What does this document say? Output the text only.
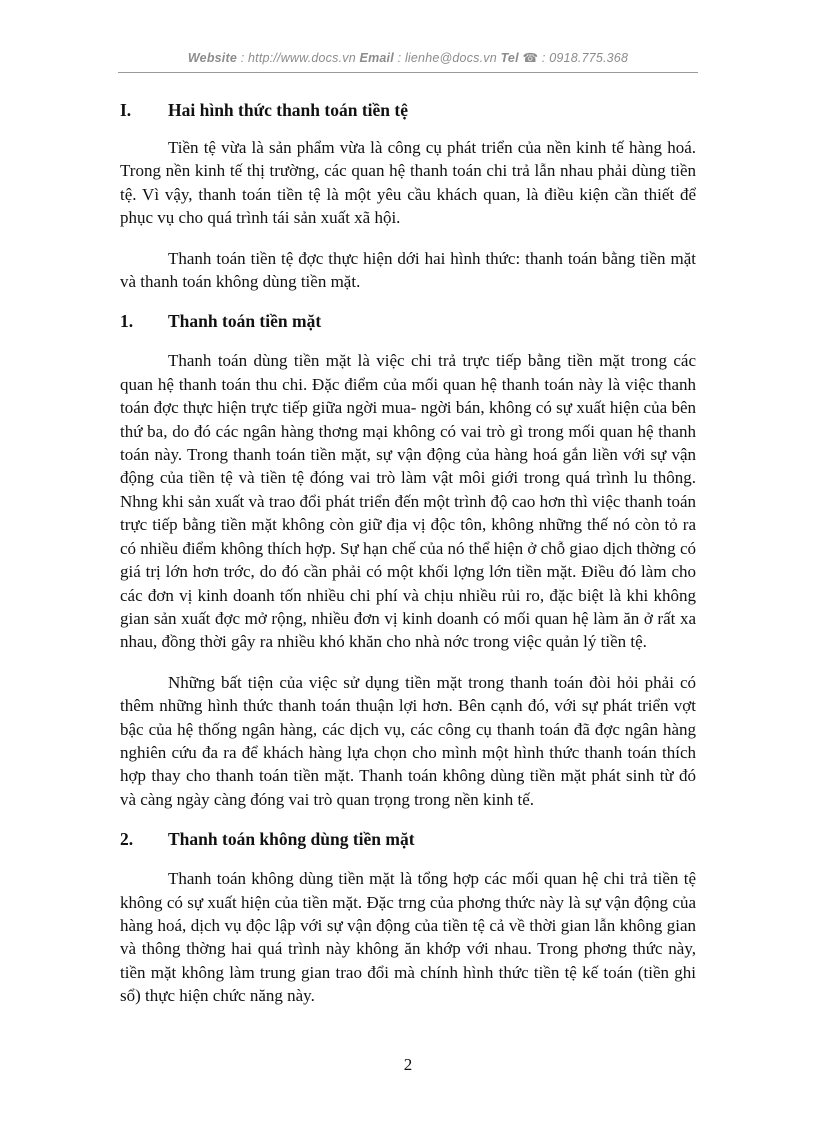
Website : http://www.docs.vn Email : lienhe@docs.vn Tel ☎ : 0918.775.368
I.	Hai hình thức thanh toán tiền tệ

Tiền tệ vừa là sản phẩm vừa là công cụ phát triển của nền kinh tế hàng hoá. Trong nền kinh tế thị trường, các quan hệ thanh toán chi trả lẫn nhau phải dùng tiền tệ. Vì vậy, thanh toán tiền tệ là một yêu cầu khách quan, là điều kiện cần thiết để phục vụ cho quá trình tái sản xuất xã hội.

Thanh toán tiền tệ đợc thực hiện dới hai hình thức: thanh toán bằng tiền mặt và thanh toán không dùng tiền mặt.

1.	Thanh toán tiền mặt

Thanh toán dùng tiền mặt là việc chi trả trực tiếp bằng tiền mặt trong các quan hệ thanh toán thu chi. Đặc điểm của mối quan hệ thanh toán này là việc thanh toán đợc thực hiện trực tiếp giữa ngời mua- ngời bán, không có sự xuất hiện của bên thứ ba, do đó các ngân hàng thơng mại không có vai trò gì trong mối quan hệ thanh toán này. Trong thanh toán tiền mặt, sự vận động của hàng hoá gắn liền với sự vận động của tiền tệ và tiền tệ đóng vai trò làm vật môi giới trong quá trình lu thông. Nhng khi sản xuất và trao đổi phát triển đến một trình độ cao hơn thì việc thanh toán trực tiếp bằng tiền mặt không còn giữ địa vị độc tôn, không những thế nó còn tỏ ra có nhiều điểm không thích hợp. Sự hạn chế của nó thể hiện ở chỗ giao dịch thờng có giá trị lớn hơn trớc, do đó cần phải có một khối lợng lớn tiền mặt. Điều đó làm cho các đơn vị kinh doanh tốn nhiều chi phí và chịu nhiều rủi ro, đặc biệt là khi không gian sản xuất đợc mở rộng, nhiều đơn vị kinh doanh có mối quan hệ làm ăn ở rất xa nhau, đồng thời gây ra nhiều khó khăn cho nhà nớc trong việc quản lý tiền tệ.

Những bất tiện của việc sử dụng tiền mặt trong thanh toán đòi hỏi phải có thêm những hình thức thanh toán thuận lợi hơn. Bên cạnh đó, với sự phát triển vợt bậc của hệ thống ngân hàng, các dịch vụ, các công cụ thanh toán đã đợc ngân hàng nghiên cứu đa ra để khách hàng lựa chọn cho mình một hình thức thanh toán thích hợp thay cho thanh toán tiền mặt. Thanh toán không dùng tiền mặt phát sinh từ đó và càng ngày càng đóng vai trò quan trọng trong nền kinh tế.

2.	Thanh toán không dùng tiền mặt

Thanh toán không dùng tiền mặt là tổng hợp các mối quan hệ chi trả tiền tệ không có sự xuất hiện của tiền mặt. Đặc trng của phơng thức này là sự vận động của hàng hoá, dịch vụ độc lập với sự vận động của tiền tệ cả về thời gian lẫn không gian và thông thờng hai quá trình này không ăn khớp với nhau. Trong phơng thức này, tiền mặt không làm trung gian trao đổi mà chính hình thức tiền tệ kế toán (tiền ghi sổ) thực hiện chức năng này.

2
